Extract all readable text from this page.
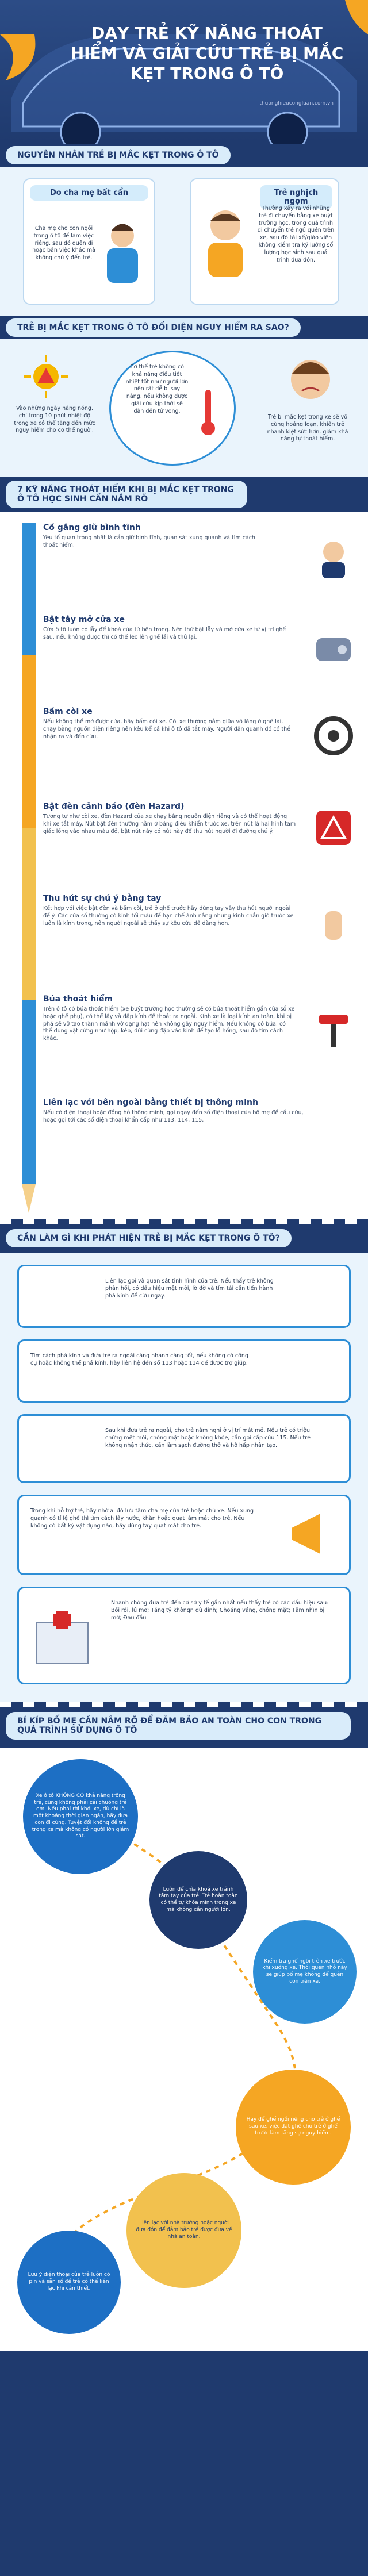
DẠY TRẺ KỸ NĂNG THOÁT HIỂM VÀ GIẢI CỨU TRẺ BỊ MẮC KẸT TRONG Ô TÔ
thuonghieucongluan.com.vn
NGUYÊN NHÂN TRẺ BỊ MẮC KẸT TRONG Ô TÔ
Do cha mẹ bất cẩn
Cha mẹ cho con ngồi trong ô tô để làm việc riêng, sau đó quên đi hoặc bận việc khác mà không chú ý đến trẻ.
Trẻ nghịch ngợm
Thường xảy ra với những trẻ đi chuyến bằng xe buýt trường học, trong quá trình di chuyển trẻ ngủ quên trên xe, sau đó tài xế/giáo viên không kiểm tra kỹ lưỡng số lượng học sinh sau quá trình đưa đón.
TRẺ BỊ MẮC KẸT TRONG Ô TÔ ĐỐI DIỆN NGUY HIỂM RA SAO?
Vào những ngày nắng nóng, chỉ trong 10 phút nhiệt độ trong xe có thể tăng đến mức nguy hiểm cho cơ thể người.
Cơ thể trẻ không có khả năng điều tiết nhiệt tốt như người lớn nên rất dễ bị say nắng, nếu không được giải cứu kịp thời sẽ dẫn đến tử vong.
Trẻ bị mắc kẹt trong xe sẽ vô cùng hoảng loạn, khiến trẻ nhanh kiệt sức hơn, giảm khả năng tự thoát hiểm.
7 KỸ NĂNG THOÁT HIỂM KHI BỊ MẮC KẸT TRONG Ô TÔ HỌC SINH CẦN NẮM RÕ
Cố gắng giữ bình tĩnh

Yêu tố quan trọng nhất là cần giữ bình tĩnh, quan sát xung quanh và tìm cách thoát hiểm.

Bật tắy mở cửa xe

Cửa ô tô luôn có lẫy để khoá cửa từ bên trong. Nên thử bật lẫy và mở cửa xe từ vị trí ghế sau, nếu không được thì có thể leo lên ghế lái và thử lại.

Bấm còi xe

Nếu không thể mở được cửa, hãy bấm còi xe. Còi xe thường nằm giữa vô lăng ở ghế lái, chạy bằng nguồn điện riêng nên kêu kể cả khi ô tô đã tắt máy. Người dân quanh đó có thể nhận ra và đến cứu.

Bật đèn cảnh báo (đèn Hazard)

Tương tự như còi xe, đèn Hazard của xe chạy bằng nguồn điện riêng và có thể hoạt động khi xe tắt máy. Nút bật đèn thường nằm ở bảng điều khiển trước xe, trên nút là hai hình tam giác lồng vào nhau màu đỏ, bật nút này có nút này để thu hút người đi đường chú ý.

Thu hút sự chú ý bằng tay

Kết hợp với việc bật đèn và bấm còi, trẻ ở ghế trước hãy dùng tay vẫy thu hút người ngoài để ý. Các cửa số thường có kính tối màu để hạn chế ánh nắng nhưng kính chắn gió trước xe luôn là kính trong, nên người ngoài sẽ thấy sự kêu cứu dễ dàng hơn.

Búa thoát hiểm

Trên ô tô có búa thoát hiểm (xe buýt trường học thường sẽ có búa thoát hiểm gần cửa sổ xe hoặc ghế phụ), có thể lấy và đập kính để thoát ra ngoài. Kính xe là loại kính an toàn, khi bị phá sẽ vỡ tạo thành mảnh vở dạng hạt nên không gây nguy hiểm. Nếu không có búa, có thể dùng vật cứng như hộp, kép, dùi cứng đập vào kính để tạo lỗ hổng, sau đó tìm cách khác.

Liên lạc với bên ngoài bằng thiết bị thông minh

Nếu có điện thoại hoặc đồng hồ thông minh, gọi ngay đến số điện thoại của bố mẹ để cầu cứu, hoặc gọi tới các số điện thoại khẩn cấp như 113, 114, 115.

CẦN LÀM GÌ KHI PHÁT HIỆN TRẺ BỊ MẮC KẸT TRONG Ô TÔ?
Liên lạc gọi và quan sát tình hình của trẻ. Nếu thấy trẻ không phản hồi, có dấu hiệu mệt mỏi, lờ đờ và tím tái cần tiến hành phá kính để cứu ngay.
Tìm cách phá kính và đưa trẻ ra ngoài càng nhanh càng tốt, nếu không có công cụ hoặc không thể phá kính, hãy liên hệ đến số 113 hoặc 114 để được trợ giúp.
Sau khi đưa trẻ ra ngoài, cho trẻ nằm nghỉ ở vị trí mát mẻ. Nếu trẻ có triệu chứng mệt mỏi, chóng mặt hoặc không khỏe, cần gọi cấp cứu 115. Nếu trẻ không nhận thức, cần làm sạch đường thở và hô hấp nhân tạo.
Trong khi hỗ trợ trẻ, hãy nhờ ai đó lưu tâm cha mẹ của trẻ hoặc chủ xe. Nếu xung quanh có tỉ lệ ghế thì tìm cách lấy nước, khăn hoặc quạt làm mát cho trẻ. Nếu không có bất kỳ vật dụng nào, hãy dùng tay quạt mát cho trẻ.
Nhanh chóng đưa trẻ đến cơ sở y tế gần nhất nếu thấy trẻ có các dấu hiệu sau: Bồi rối, lú mơ; Tăng tỷ khôngn đủ đinh; Choáng váng, chóng mặt; Tăm nhìn bị mờ; Đau đầu
BÍ KÍP BỐ MẸ CẦN NẮM RÕ ĐỂ ĐẢM BẢO AN TOÀN CHO CON TRONG QUÁ TRÌNH SỬ DỤNG Ô TÔ

Xe ô tô KHÔNG CÓ khả năng trông trẻ, cũng không phải cái chuồng trẻ em. Nếu phải rời khỏi xe, dù chỉ là một khoảng thời gian ngắn, hãy đưa con đi cùng. Tuyệt đối không để trẻ trong xe mà không có người lớn giám sát.

Luôn để chìa khoá xe tránh tầm tay của trẻ. Trẻ hoàn toàn có thể tự khóa mình trong xe mà không cần người lớn.

Kiểm tra ghế ngồi trên xe trước khi xuống xe. Thói quen nhỏ này sẽ giúp bố mẹ không để quên con trên xe.

Hãy để ghế ngồi riêng cho trẻ ở ghế sau xe, việc đặt ghế cho trẻ ở ghế trước làm tăng sự nguy hiểm.

Liên lạc với nhà trường hoặc người đưa đón để đảm bảo trẻ được đưa về nhà an toàn.

Lưu ý diện thoại của trẻ luôn có pin và sẵn số để trẻ có thể liên lạc khi cần thiết.
